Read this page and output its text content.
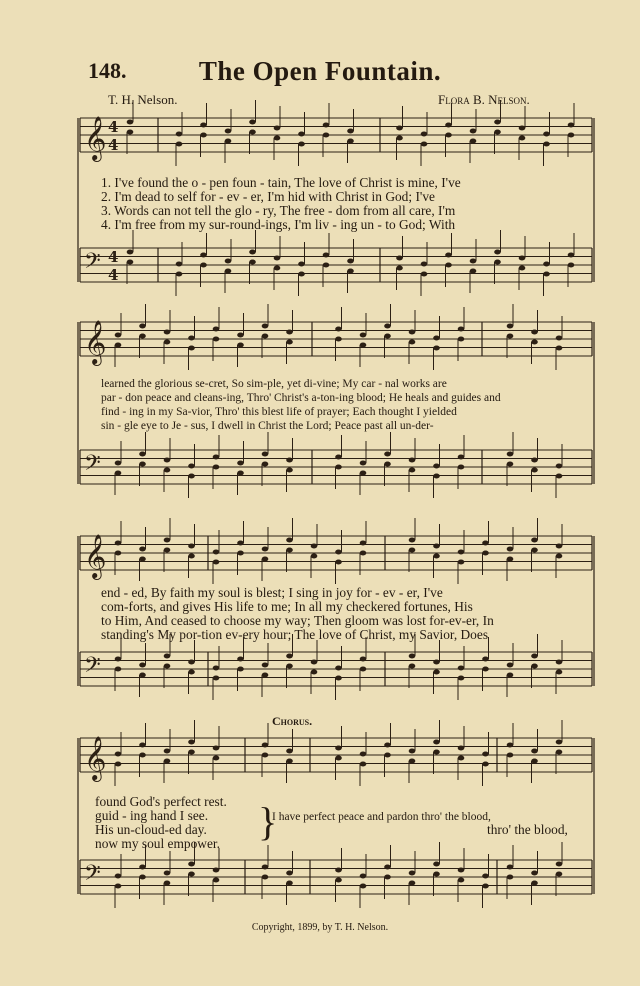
148.	The Open Fountain.
T. H. Nelson.	Flora B. Nelson.
𝄞
𝄢
𝄞
𝄢
𝄞
𝄢
𝄞
𝄢
4
4
4
4
1. I've found the o - pen foun - tain, The love of Christ is mine, I've
2. I'm dead to self for - ev - er, I'm hid with Christ in God; I've
3. Words can not tell the glo - ry, The free - dom from all care, I'm
4. I'm free from my sur-round-ings, I'm liv - ing un - to God; With
learned the glorious se-cret, So sim-ple, yet di-vine; My car - nal works are
par - don peace and cleans-ing, Thro' Christ's a-ton-ing blood; He heals and guides and
find - ing in my Sa-vior, Thro' this blest life of prayer; Each thought I yielded
sin - gle eye to Je - sus, I dwell in Christ the Lord; Peace past all un-der-
end - ed, By faith my soul is blest; I sing in joy for - ev - er, I've
com-forts, and gives His life to me; In all my checkered fortunes, His
to Him, And ceased to choose my way; Then gloom was lost for-ev-er, In
standing's My por-tion ev-ery hour; The love of Christ, my Savior, Does
Chorus.
found God's perfect rest.
guid - ing hand I see.
His un-cloud-ed day.
now my soul empower. }
I have perfect peace and pardon thro' the blood,
thro' the blood,
Copyright, 1899, by T. H. Nelson.
